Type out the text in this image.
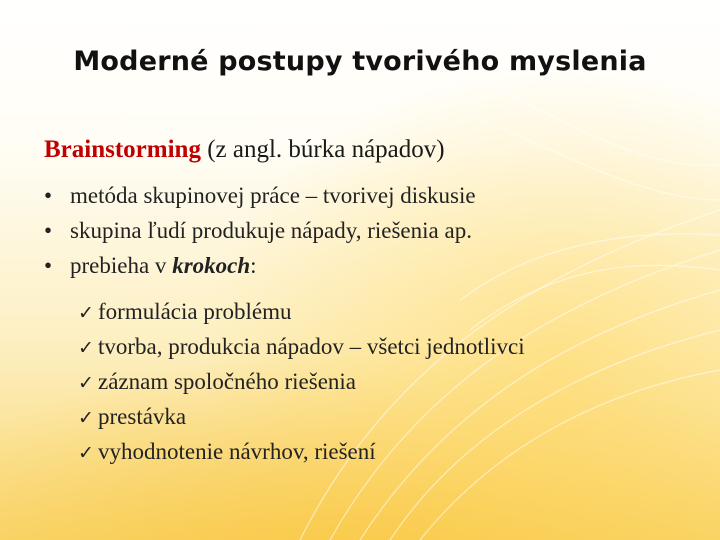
Moderné postupy tvorivého myslenia
Brainstorming (z angl. búrka nápadov)
• metóda skupinovej práce – tvorivej diskusie
• skupina ľudí produkuje nápady, riešenia ap.
• prebieha v krokoch:
✓ formulácia problému
✓ tvorba, produkcia nápadov – všetci jednotlivci
✓ záznam spoločného riešenia
✓ prestávka
✓ vyhodnotenie návrhov, riešení
